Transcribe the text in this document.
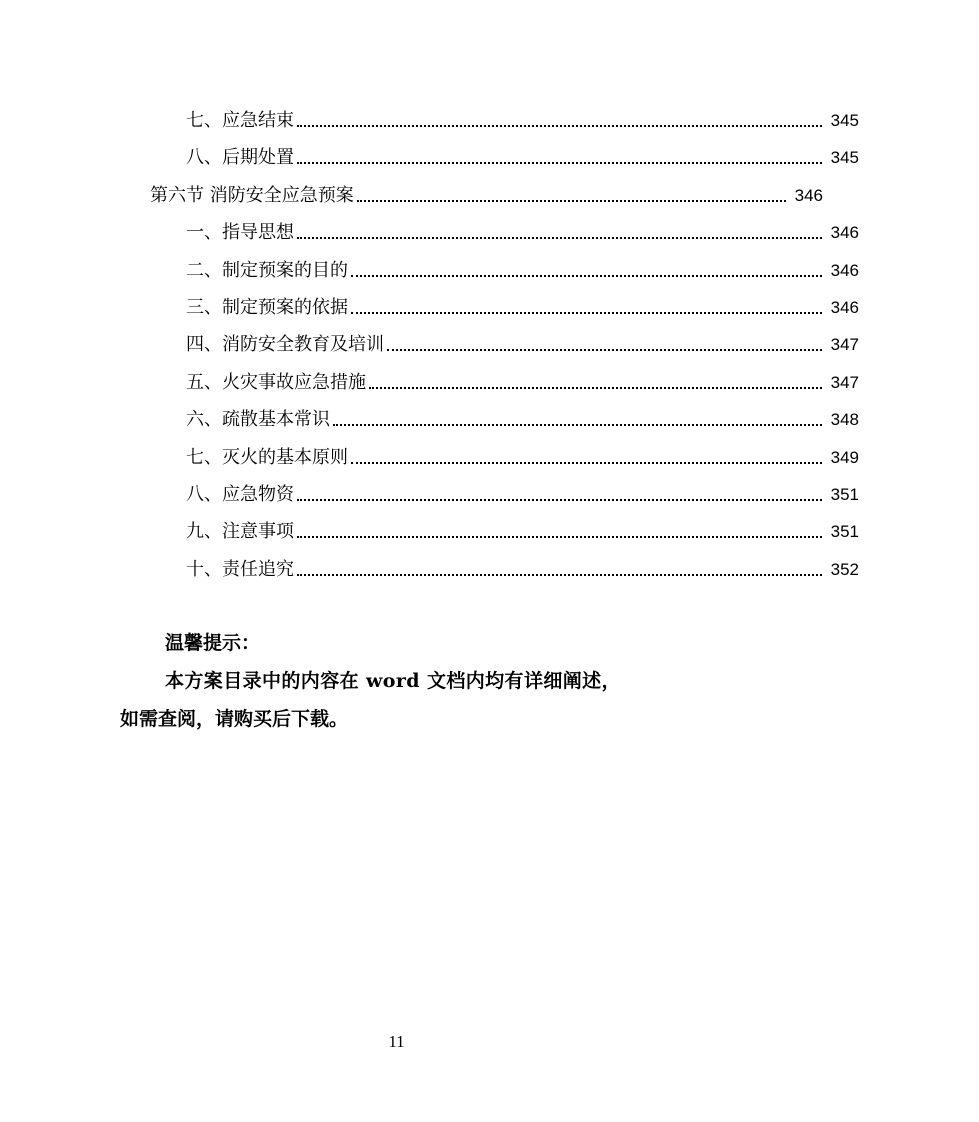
七、应急结束	345
八、后期处置	345
第六节 消防安全应急预案	346
一、指导思想	346
二、制定预案的目的	346
三、制定预案的依据	346
四、消防安全教育及培训	347
五、火灾事故应急措施	347
六、疏散基本常识	348
七、灭火的基本原则	349
八、应急物资	351
九、注意事项	351
十、责任追究	352
温馨提示：
本方案目录中的内容在 word 文档内均有详细阐述，
如需查阅，请购买后下载。
11
